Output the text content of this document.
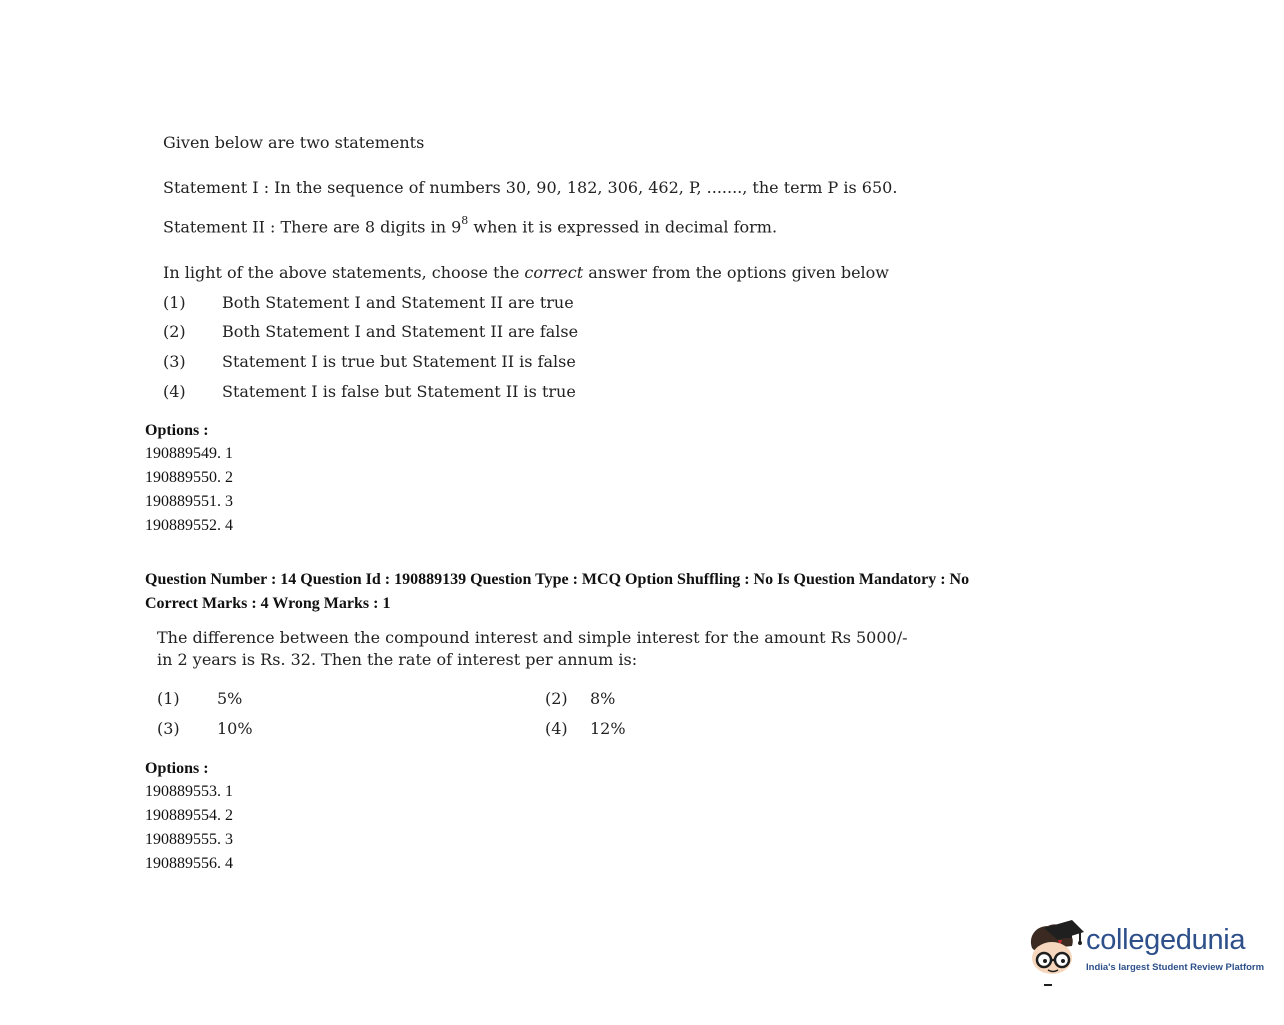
Given below are two statements
Statement I : In the sequence of numbers 30, 90, 182, 306, 462, P, ......., the term P is 650.
Statement II : There are 8 digits in $9^8$ when it is expressed in decimal form.
In light of the above statements, choose the correct answer from the options given below
(1) Both Statement I and Statement II are true
(2) Both Statement I and Statement II are false
(3) Statement I is true but Statement II is false
(4) Statement I is false but Statement II is true
Options :
190889549. 1
190889550. 2
190889551. 3
190889552. 4
Question Number : 14 Question Id : 190889139 Question Type : MCQ Option Shuffling : No Is Question Mandatory : No
Correct Marks : 4 Wrong Marks : 1
The difference between the compound interest and simple interest for the amount Rs 5000/-
in 2 years is Rs. 32. Then the rate of interest per annum is:
(1) 5%	(2) 8%
(3) 10%	(4) 12%
Options :
190889553. 1
190889554. 2
190889555. 3
190889556. 4
collegedunia
India's largest Student Review Platform
